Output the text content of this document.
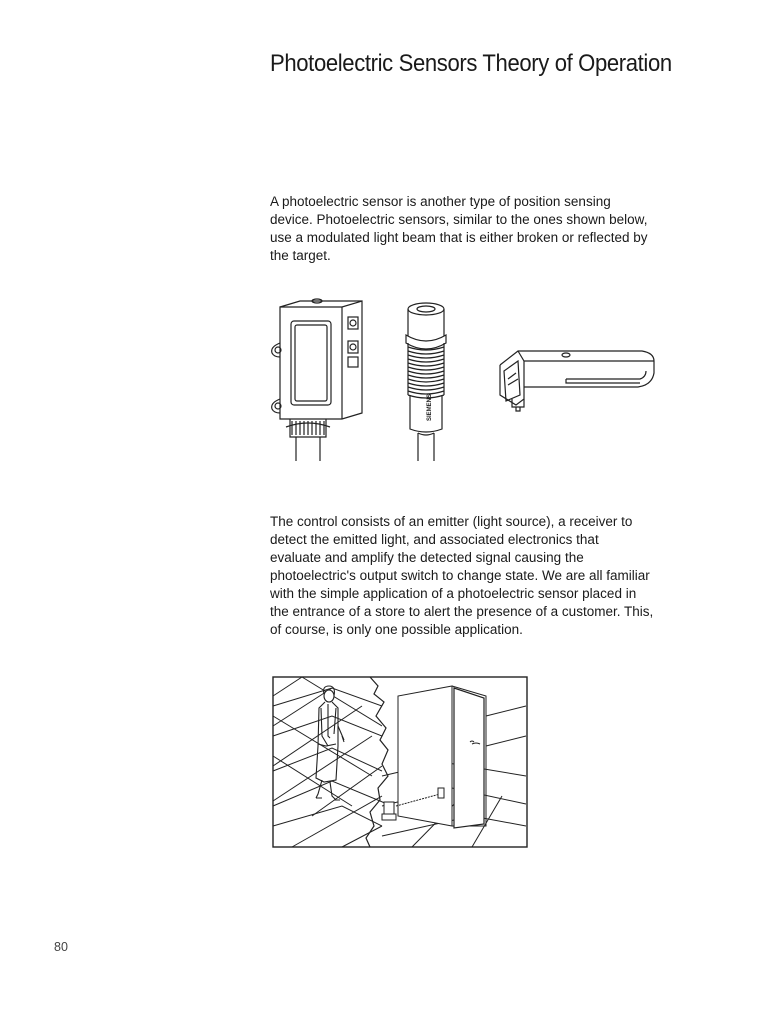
Photoelectric Sensors Theory of Operation
A photoelectric sensor is another type of position sensing
device. Photoelectric sensors, similar to the ones shown below,
use a modulated light beam that is either broken or reflected by
the target.
SIEMENS
The control consists of an emitter (light source), a receiver to
detect the emitted light, and associated electronics that
evaluate and amplify the detected signal causing the
photoelectric's output switch to change state. We are all familiar
with the simple application of a photoelectric sensor placed in
the entrance of a store to alert the presence of a customer. This,
of course, is only one possible application.
80
